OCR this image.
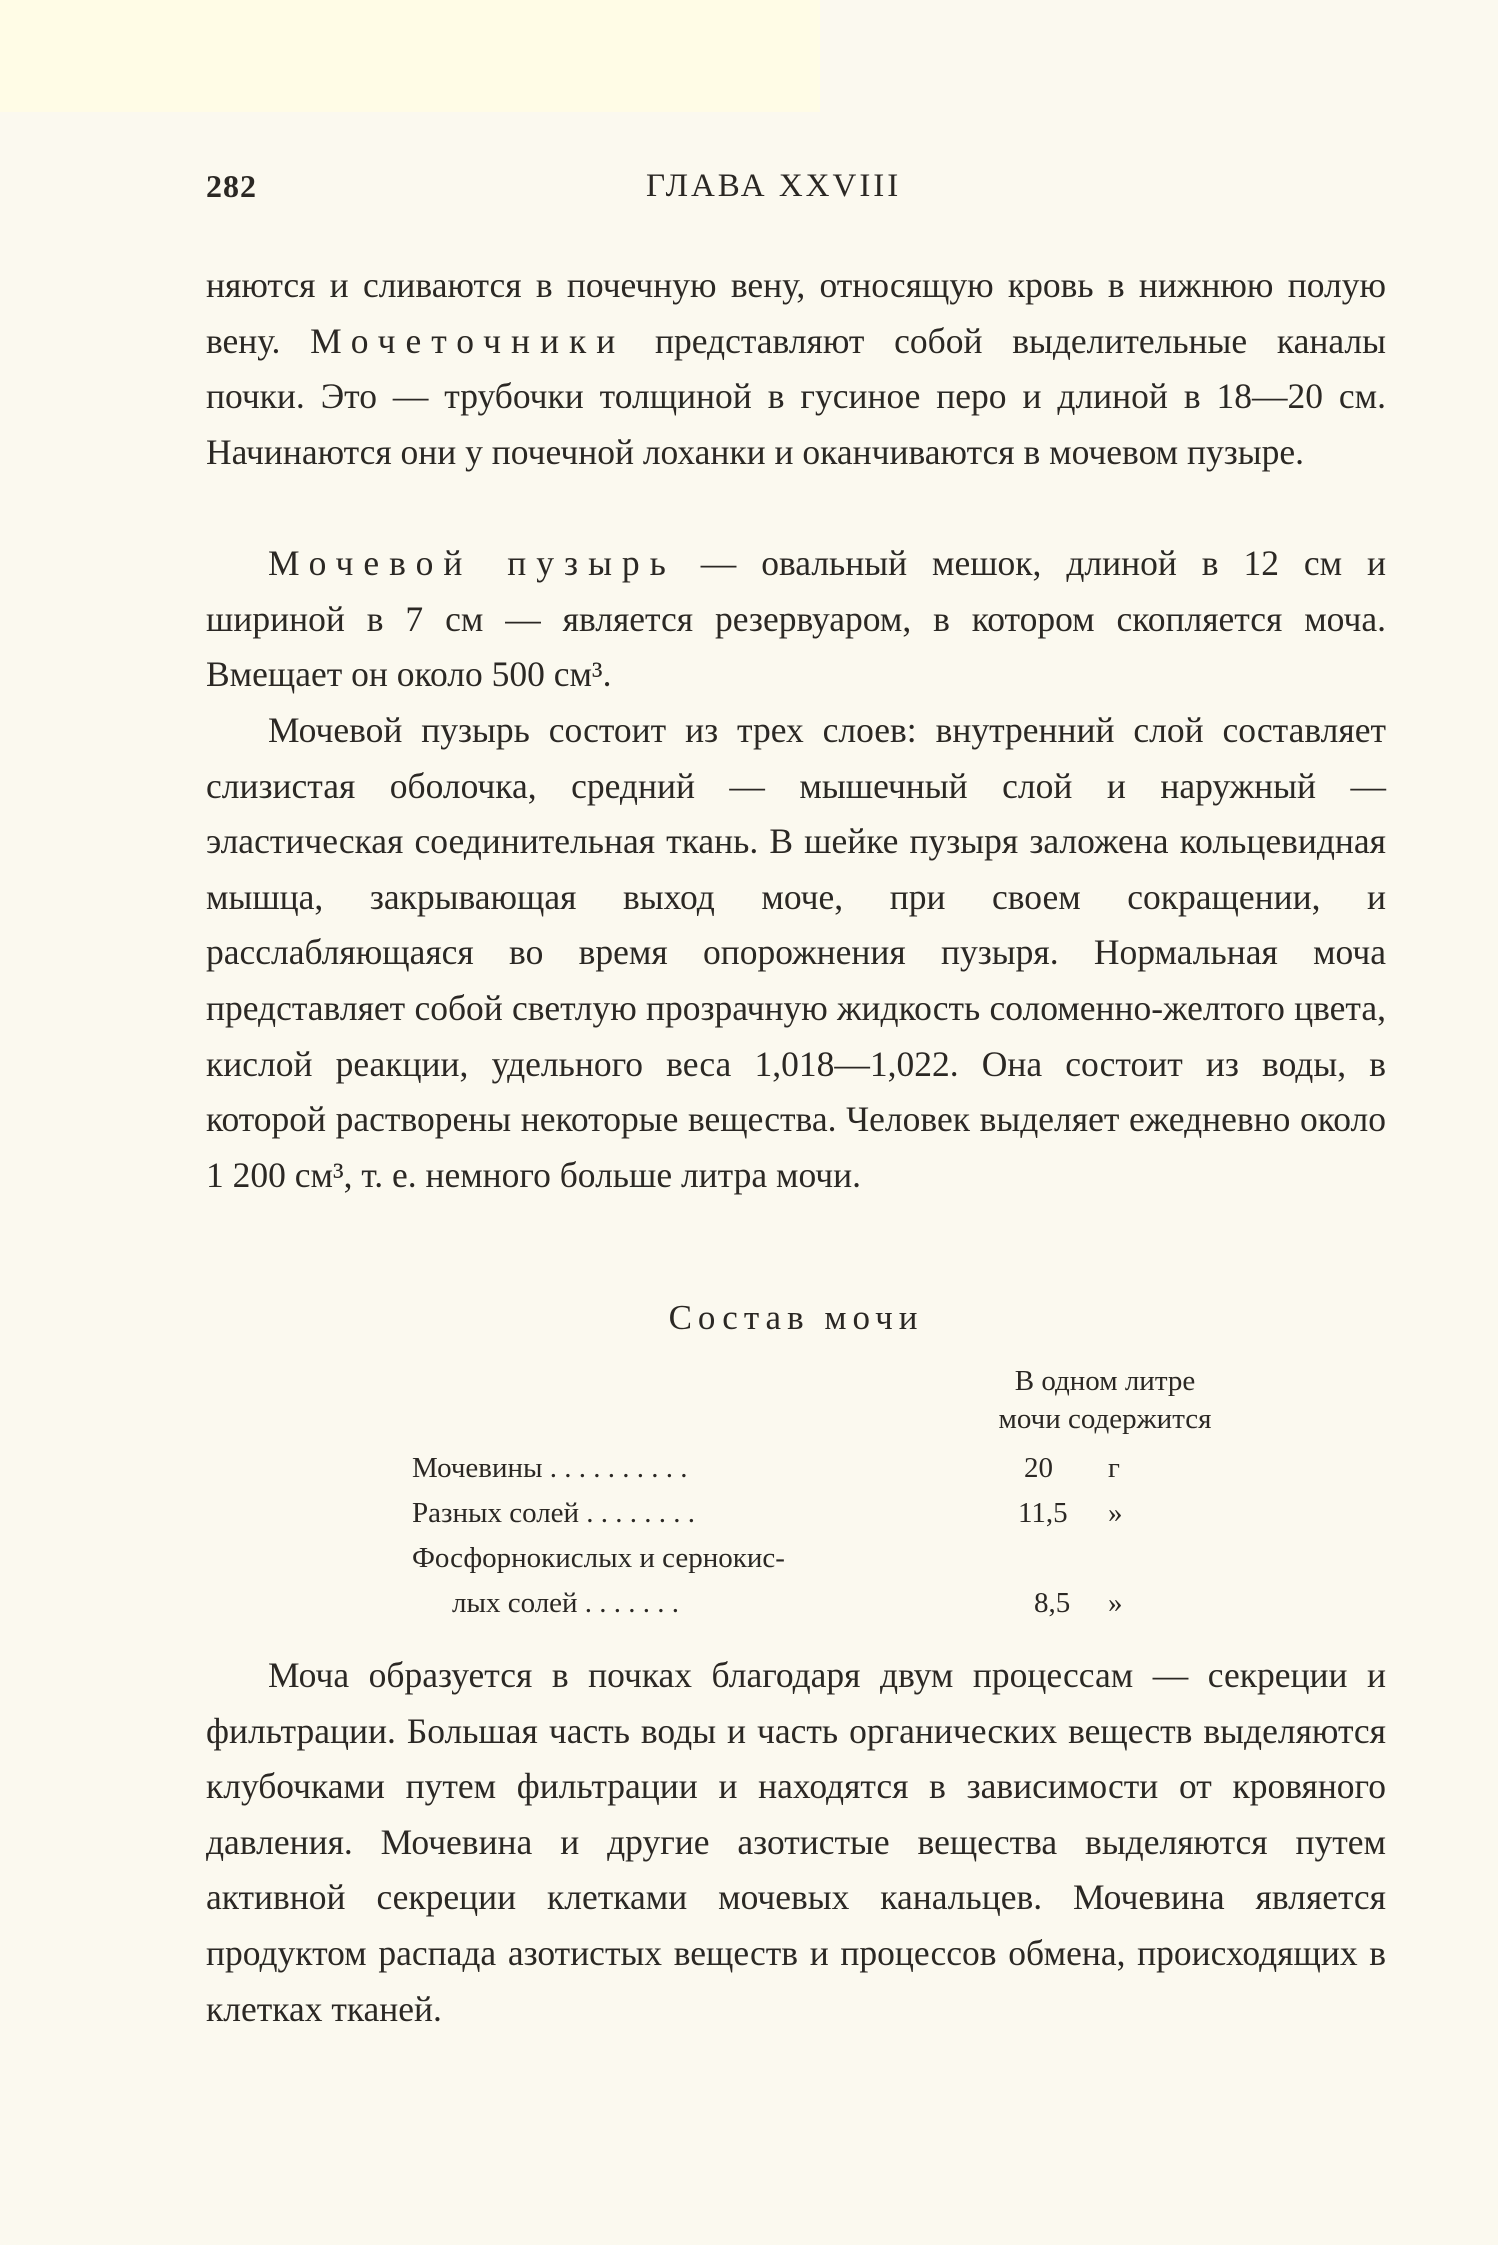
282	ГЛАВА XXVIII

няются и сливаются в почечную вену, относящую кровь в нижнюю полую вену. Мочеточники представляют собой выделительные каналы почки. Это — трубочки толщиной в гусиное перо и длиной в 18—20 см. Начинаются они у почечной лоханки и оканчиваются в мочевом пузыре.

Мочевой пузырь — овальный мешок, длиной в 12 см и шириной в 7 см — является резервуаром, в котором скопляется моча. Вмещает он около 500 см³.

Мочевой пузырь состоит из трех слоев: внутренний слой составляет слизистая оболочка, средний — мышечный слой и наружный — эластическая соединительная ткань. В шейке пузыря заложена кольцевидная мышца, закрывающая выход моче, при своем сокращении, и расслабляющаяся во время опорожнения пузыря. Нормальная моча представляет собой светлую прозрачную жидкость соломенно-желтого цвета, кислой реакции, удельного веса 1,018—1,022. Она состоит из воды, в которой растворены некоторые вещества. Человек выделяет ежедневно около 1 200 см³, т. е. немного больше литра мочи.

Состав мочи
В одном литре
мочи содержится
Мочевины . . . . . . . . . .	20 г
Разных солей . . . . . . . .	11,5 »
Фосфорнокислых и сернокис-
лых солей . . . . . . .	8,5 »

Моча образуется в почках благодаря двум процессам — секреции и фильтрации. Большая часть воды и часть органических веществ выделяются клубочками путем фильтрации и находятся в зависимости от кровяного давления. Мочевина и другие азотистые вещества выделяются путем активной секреции клетками мочевых канальцев. Мочевина является продуктом распада азотистых веществ и процессов обмена, происходящих в клетках тканей.
